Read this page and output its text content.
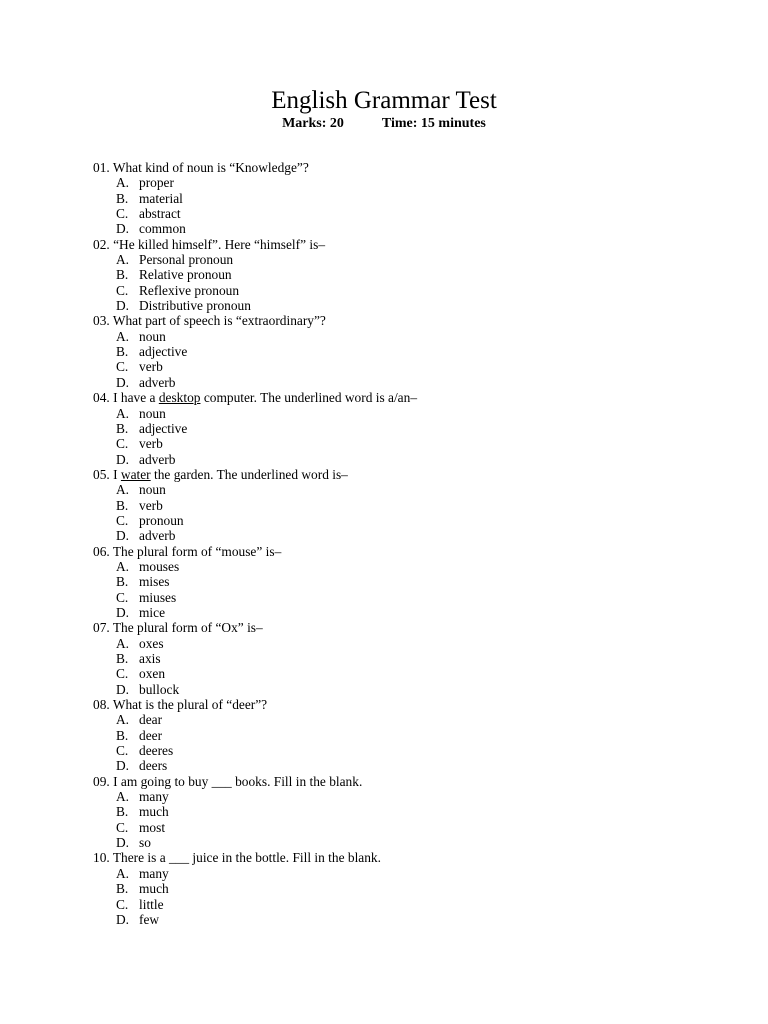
English Grammar Test
Marks: 20	Time: 15 minutes
01. What kind of noun is “Knowledge”?
A. proper
B. material
C. abstract
D. common
02. “He killed himself”. Here “himself” is–
A. Personal pronoun
B. Relative pronoun
C. Reflexive pronoun
D. Distributive pronoun
03. What part of speech is “extraordinary”?
A. noun
B. adjective
C. verb
D. adverb
04. I have a desktop computer. The underlined word is a/an–
A. noun
B. adjective
C. verb
D. adverb
05. I water the garden. The underlined word is–
A. noun
B. verb
C. pronoun
D. adverb
06. The plural form of “mouse” is–
A. mouses
B. mises
C. miuses
D. mice
07. The plural form of “Ox” is–
A. oxes
B. axis
C. oxen
D. bullock
08. What is the plural of “deer”?
A. dear
B. deer
C. deeres
D. deers
09. I am going to buy ___ books. Fill in the blank.
A. many
B. much
C. most
D. so
10. There is a ___ juice in the bottle. Fill in the blank.
A. many
B. much
C. little
D. few
